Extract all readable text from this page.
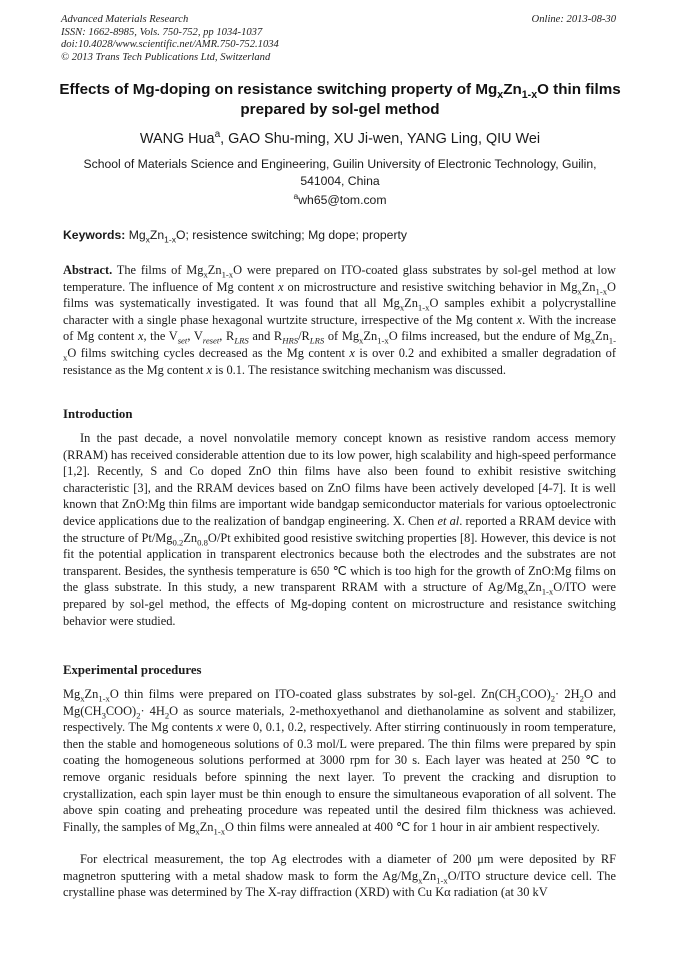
Advanced Materials Research
ISSN: 1662-8985, Vols. 750-752, pp 1034-1037
doi:10.4028/www.scientific.net/AMR.750-752.1034
© 2013 Trans Tech Publications Ltd, Switzerland
Online: 2013-08-30
Effects of Mg-doping on resistance switching property of $Mg_xZn_{1-x}O$ thin films prepared by sol-gel method
WANG Hua$^a$, GAO Shu-ming, XU Ji-wen, YANG Ling, QIU Wei
School of Materials Science and Engineering, Guilin University of Electronic Technology, Guilin, 541004, China
$^a$wh65@tom.com
Keywords: $Mg_xZn_{1-x}O$; resistence switching; Mg dope; property
Abstract. The films of $Mg_xZn_{1-x}O$ were prepared on ITO-coated glass substrates by sol-gel method at low temperature. The influence of Mg content x on microstructure and resistive switching behavior in $Mg_xZn_{1-x}O$ films was systematically investigated. It was found that all $Mg_xZn_{1-x}O$ samples exhibit a polycrystalline character with a single phase hexagonal wurtzite structure, irrespective of the Mg content x. With the increase of Mg content x, the $V_{set}$, $V_{reset}$, $R_{LRS}$ and $R_{HRS}/R_{LRS}$ of $Mg_xZn_{1-x}O$ films increased, but the endure of $Mg_xZn_{1-x}O$ films switching cycles decreased as the Mg content x is over 0.2 and exhibited a smaller degradation of resistance as the Mg content x is 0.1. The resistance switching mechanism was discussed.
Introduction
In the past decade, a novel nonvolatile memory concept known as resistive random access memory (RRAM) has received considerable attention due to its low power, high scalability and high-speed performance [1,2]. Recently, S and Co doped ZnO thin films have also been found to exhibit resistive switching characteristic [3], and the RRAM devices based on ZnO films have been actively developed [4-7]. It is well known that ZnO:Mg thin films are important wide bandgap semiconductor materials for various optoelectronic device applications due to the realization of bandgap engineering. X. Chen et al. reported a RRAM device with the structure of $Pt/Mg_{0.2}Zn_{0.8}O/Pt$ exhibited good resistive switching properties [8]. However, this device is not fit the potential application in transparent electronics because both the electrodes and the substrates are not transparent. Besides, the synthesis temperature is 650 ℃ which is too high for the growth of ZnO:Mg films on the glass substrate. In this study, a new transparent RRAM with a structure of $Ag/Mg_xZn_{1-x}O$/ITO were prepared by sol-gel method, the effects of Mg-doping content on microstructure and resistance switching behavior were studied.
Experimental procedures
$Mg_xZn_{1-x}O$ thin films were prepared on ITO-coated glass substrates by sol-gel. $Zn(CH_3COO)_2\cdot 2H_2O$ and $Mg(CH_3COO)_2\cdot 4H_2O$ as source materials, 2-methoxyethanol and diethanolamine as solvent and stabilizer, respectively. The Mg contents x were 0, 0.1, 0.2, respectively. After stirring continuously in room temperature, then the stable and homogeneous solutions of 0.3 mol/L were prepared. The thin films were prepared by spin coating the homogeneous solutions performed at 3000 rpm for 30 s. Each layer was heated at 250 ℃ to remove organic residuals before spinning the next layer. To prevent the cracking and disruption to crystallization, each spin layer must be thin enough to ensure the simultaneous evaporation of all solvent. The above spin coating and preheating procedure was repeated until the desired film thickness was achieved. Finally, the samples of $Mg_xZn_{1-x}O$ thin films were annealed at 400 ℃ for 1 hour in air ambient respectively.
For electrical measurement, the top Ag electrodes with a diameter of 200 μm were deposited by RF magnetron sputtering with a metal shadow mask to form the $Ag/Mg_xZn_{1-x}O$/ITO structure device cell. The crystalline phase was determined by The X-ray diffraction (XRD) with Cu Kα radiation (at 30 kV
